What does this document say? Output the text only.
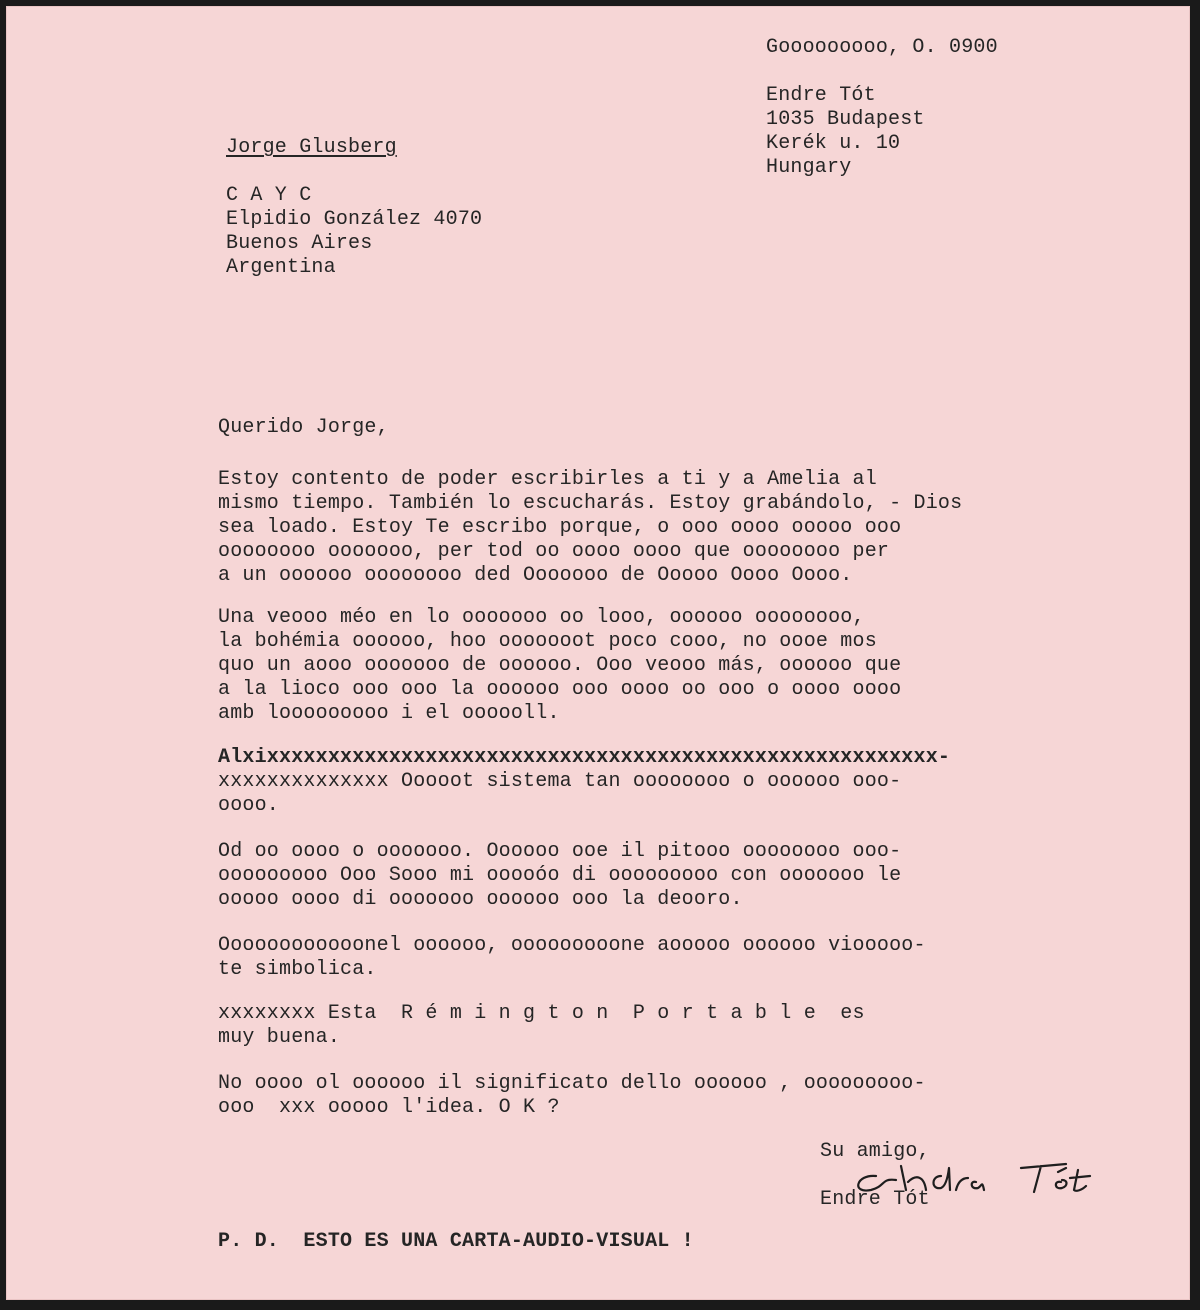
Gooooooooo, O. 0900

Endre Tót

1035 Budapest

Kerék u. 10

Hungary

Jorge Glusberg

C A Y C

Elpidio González 4070

Buenos Aires

Argentina

Querido Jorge,

Estoy contento de poder escribirles a ti y a Amelia al

mismo tiempo. También lo escucharás. Estoy grabándolo, - Dios

sea loado. Estoy Te escribo porque, o ooo oooo ooooo ooo

oooooooo ooooooo, per tod oo oooo oooo que oooooooo per

a un oooooo oooooooo ded Ooooooo de Ooooo Oooo Oooo.

Una veooo méo en lo ooooooo oo looo, oooooo oooooooo,

la bohémia oooooo, hoo ooooooot poco cooo, no oooe mos

quo un aooo ooooooo de oooooo. Ooo veooo más, oooooo que

a la lioco ooo ooo la oooooo ooo oooo oo ooo o oooo oooo

amb looooooooo i el oooooll.

Alxixxxxxxxxxxxxxxxxxxxxxxxxxxxxxxxxxxxxxxxxxxxxxxxxxxxxxxx-

xxxxxxxxxxxxxx Ooooot sistema tan oooooooo o oooooo ooo-

oooo.

Od oo oooo o ooooooo. Oooooo ooe il pitooo oooooooo ooo-

ooooooooo Ooo Sooo mi ooooóo di ooooooooo con ooooooo le

ooooo oooo di ooooooo oooooo ooo la deooro.

Oooooooooooonel oooooo, ooooooooone aooooo oooooo viooooo-

te simbolica.

xxxxxxxx Esta  R é m i n g t o n  P o r t a b l e  es

muy buena.

No oooo ol oooooo il significato dello oooooo , ooooooooo-

ooo  xxx ooooo l'idea. O K ?

Su amigo,

Endre Tót

P. D.  ESTO ES UNA CARTA-AUDIO-VISUAL !
